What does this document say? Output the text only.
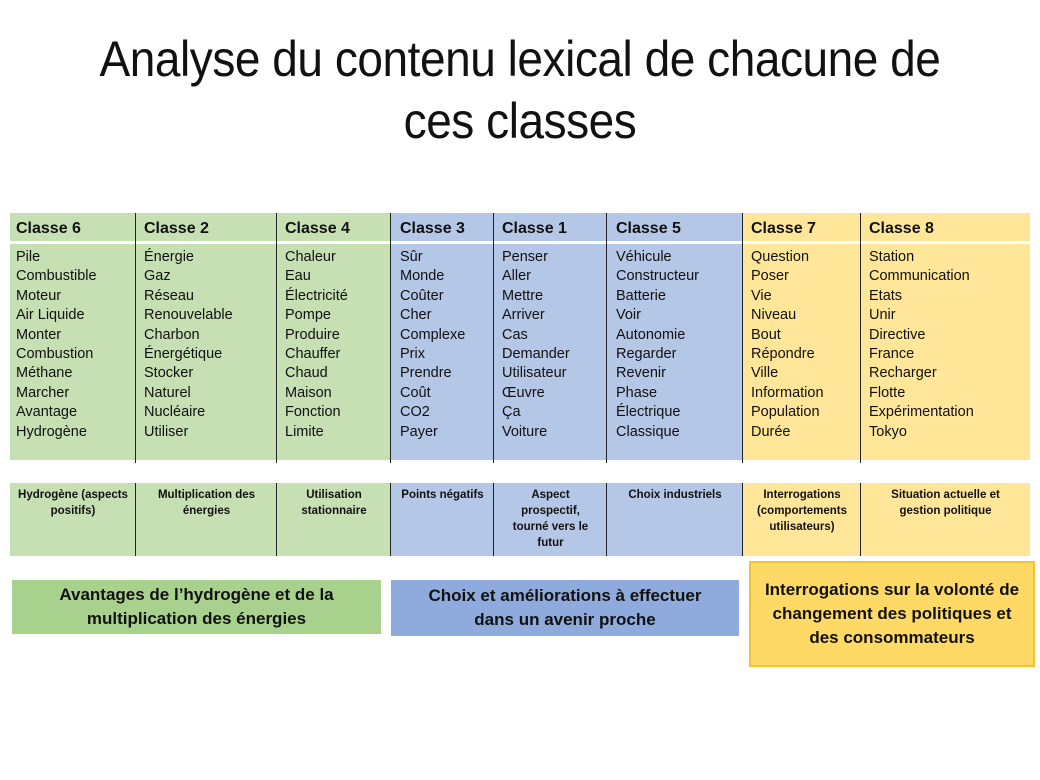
Analyse du contenu lexical de chacune de
ces classes
Classe 6
Pile
Combustible
Moteur
Air Liquide
Monter
Combustion
Méthane
Marcher
Avantage
Hydrogène
Classe 2
Énergie
Gaz
Réseau
Renouvelable
Charbon
Énergétique
Stocker
Naturel
Nucléaire
Utiliser
Classe 4
Chaleur
Eau
Électricité
Pompe
Produire
Chauffer
Chaud
Maison
Fonction
Limite
Classe 3
Sûr
Monde
Coûter
Cher
Complexe
Prix
Prendre
Coût
CO2
Payer
Classe 1
Penser
Aller
Mettre
Arriver
Cas
Demander
Utilisateur
Œuvre
Ça
Voiture
Classe 5
Véhicule
Constructeur
Batterie
Voir
Autonomie
Regarder
Revenir
Phase
Électrique
Classique
Classe 7
Question
Poser
Vie
Niveau
Bout
Répondre
Ville
Information
Population
Durée
Classe 8
Station
Communication
Etats
Unir
Directive
France
Recharger
Flotte
Expérimentation
Tokyo
Hydrogène (aspects positifs)
Multiplication des énergies
Utilisation stationnaire
Points négatifs	Aspect prospectif, tourné vers le futur
Choix industriels	Interrogations (comportements utilisateurs)
Situation actuelle et gestion politique
Avantages de l’hydrogène et de la multiplication des énergies
Choix et améliorations à effectuer dans un avenir proche
Interrogations sur la volonté de changement des politiques et des consommateurs
